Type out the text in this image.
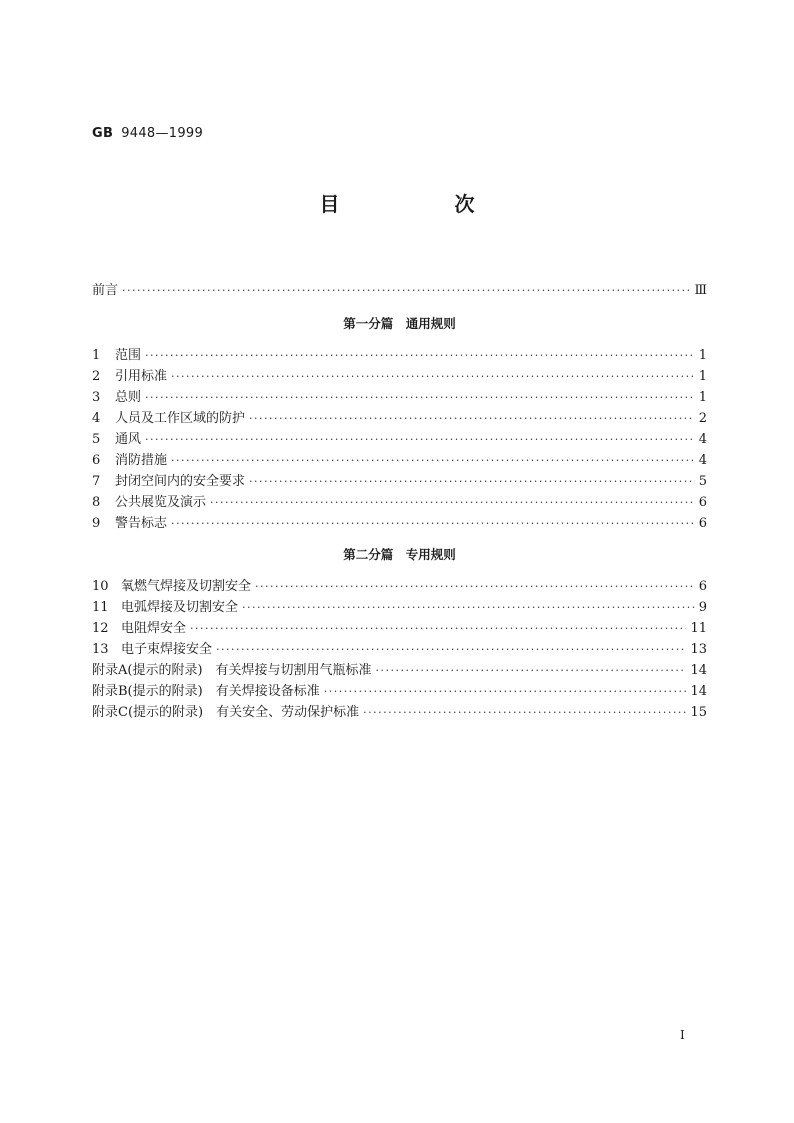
GB 9448—1999
目 次
前言 ·····	Ⅲ
第一分篇　通用规则
1 范围 ·····	1
2 引用标准 ·····	1
3 总则 ·····	1
4 人员及工作区域的防护 ·····	2
5 通风 ·····	4
6 消防措施 ·····	4
7 封闭空间内的安全要求 ·····	5
8 公共展览及演示 ·····	6
9 警告标志 ·····	6
第二分篇　专用规则
10 氧燃气焊接及切割安全 ·····	6
11 电弧焊接及切割安全 ·····	9
12 电阻焊安全 ·····	11
13 电子束焊接安全 ·····	13
附录A(提示的附录)　有关焊接与切割用气瓶标准 ·····	14
附录B(提示的附录)　有关焊接设备标准 ·····	14
附录C(提示的附录)　有关安全、劳动保护标准 ·····	15
I
